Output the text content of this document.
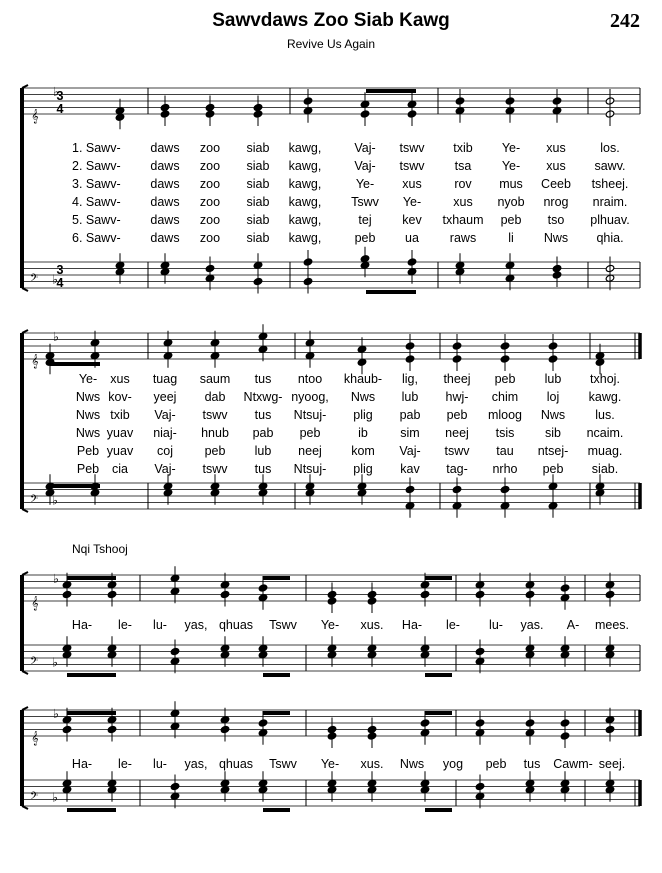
Sawvdaws Zoo Siab Kawg
Revive Us Again
242
𝄞
♭
𝄢 ♭
3
4
3
4
𝄞
♭
𝄢 ♭
𝄞
♭
𝄢 ♭
𝄞
♭
𝄢 ♭
1. Sawv- daws zoo siab kawg,	Vaj- tswv txib Ye- xus	los.
2. Sawv- daws zoo siab kawg,	Vaj- tswv tsa Ye- xus sawv.
3. Sawv- daws zoo siab kawg,	Ye- xus	rov mus Ceeb tsheej.
4. Sawv- daws zoo siab kawg, Tswv Ye-	xus nyob nrog nraim.
5. Sawv- daws zoo siab kawg,	tej kev txhaum peb tso plhuav.
6. Sawv- daws zoo siab kawg,	peb ua raws	li Nws qhia.
Ye- xus tuag saum tus ntoo khaub- lig, theej peb lub txhoj.
Nws kov- yeej dab Ntxwg- nyoog, Nws lub hwj- chim loj kawg.
Nws txib Vaj- tswv tus Ntsuj- plig pab peb mloog Nws lus.
Nws yuav niaj- hnub pab peb	ib	sim neej tsis sib ncaim.
Peb yuav coj	peb lub neej kom Vaj- tswv tau ntsej- muag.
Peb cia Vaj- tswv tus Ntsuj- plig kav tag- nrho peb siab.
Nqi Tshooj
Ha- le- lu- yas, qhuas Tswv Ye- xus. Ha- le- lu- yas. A- mees.
Ha- le- lu- yas, qhuas Tswv Ye- xus. Nws yog peb tus Cawm- seej.
